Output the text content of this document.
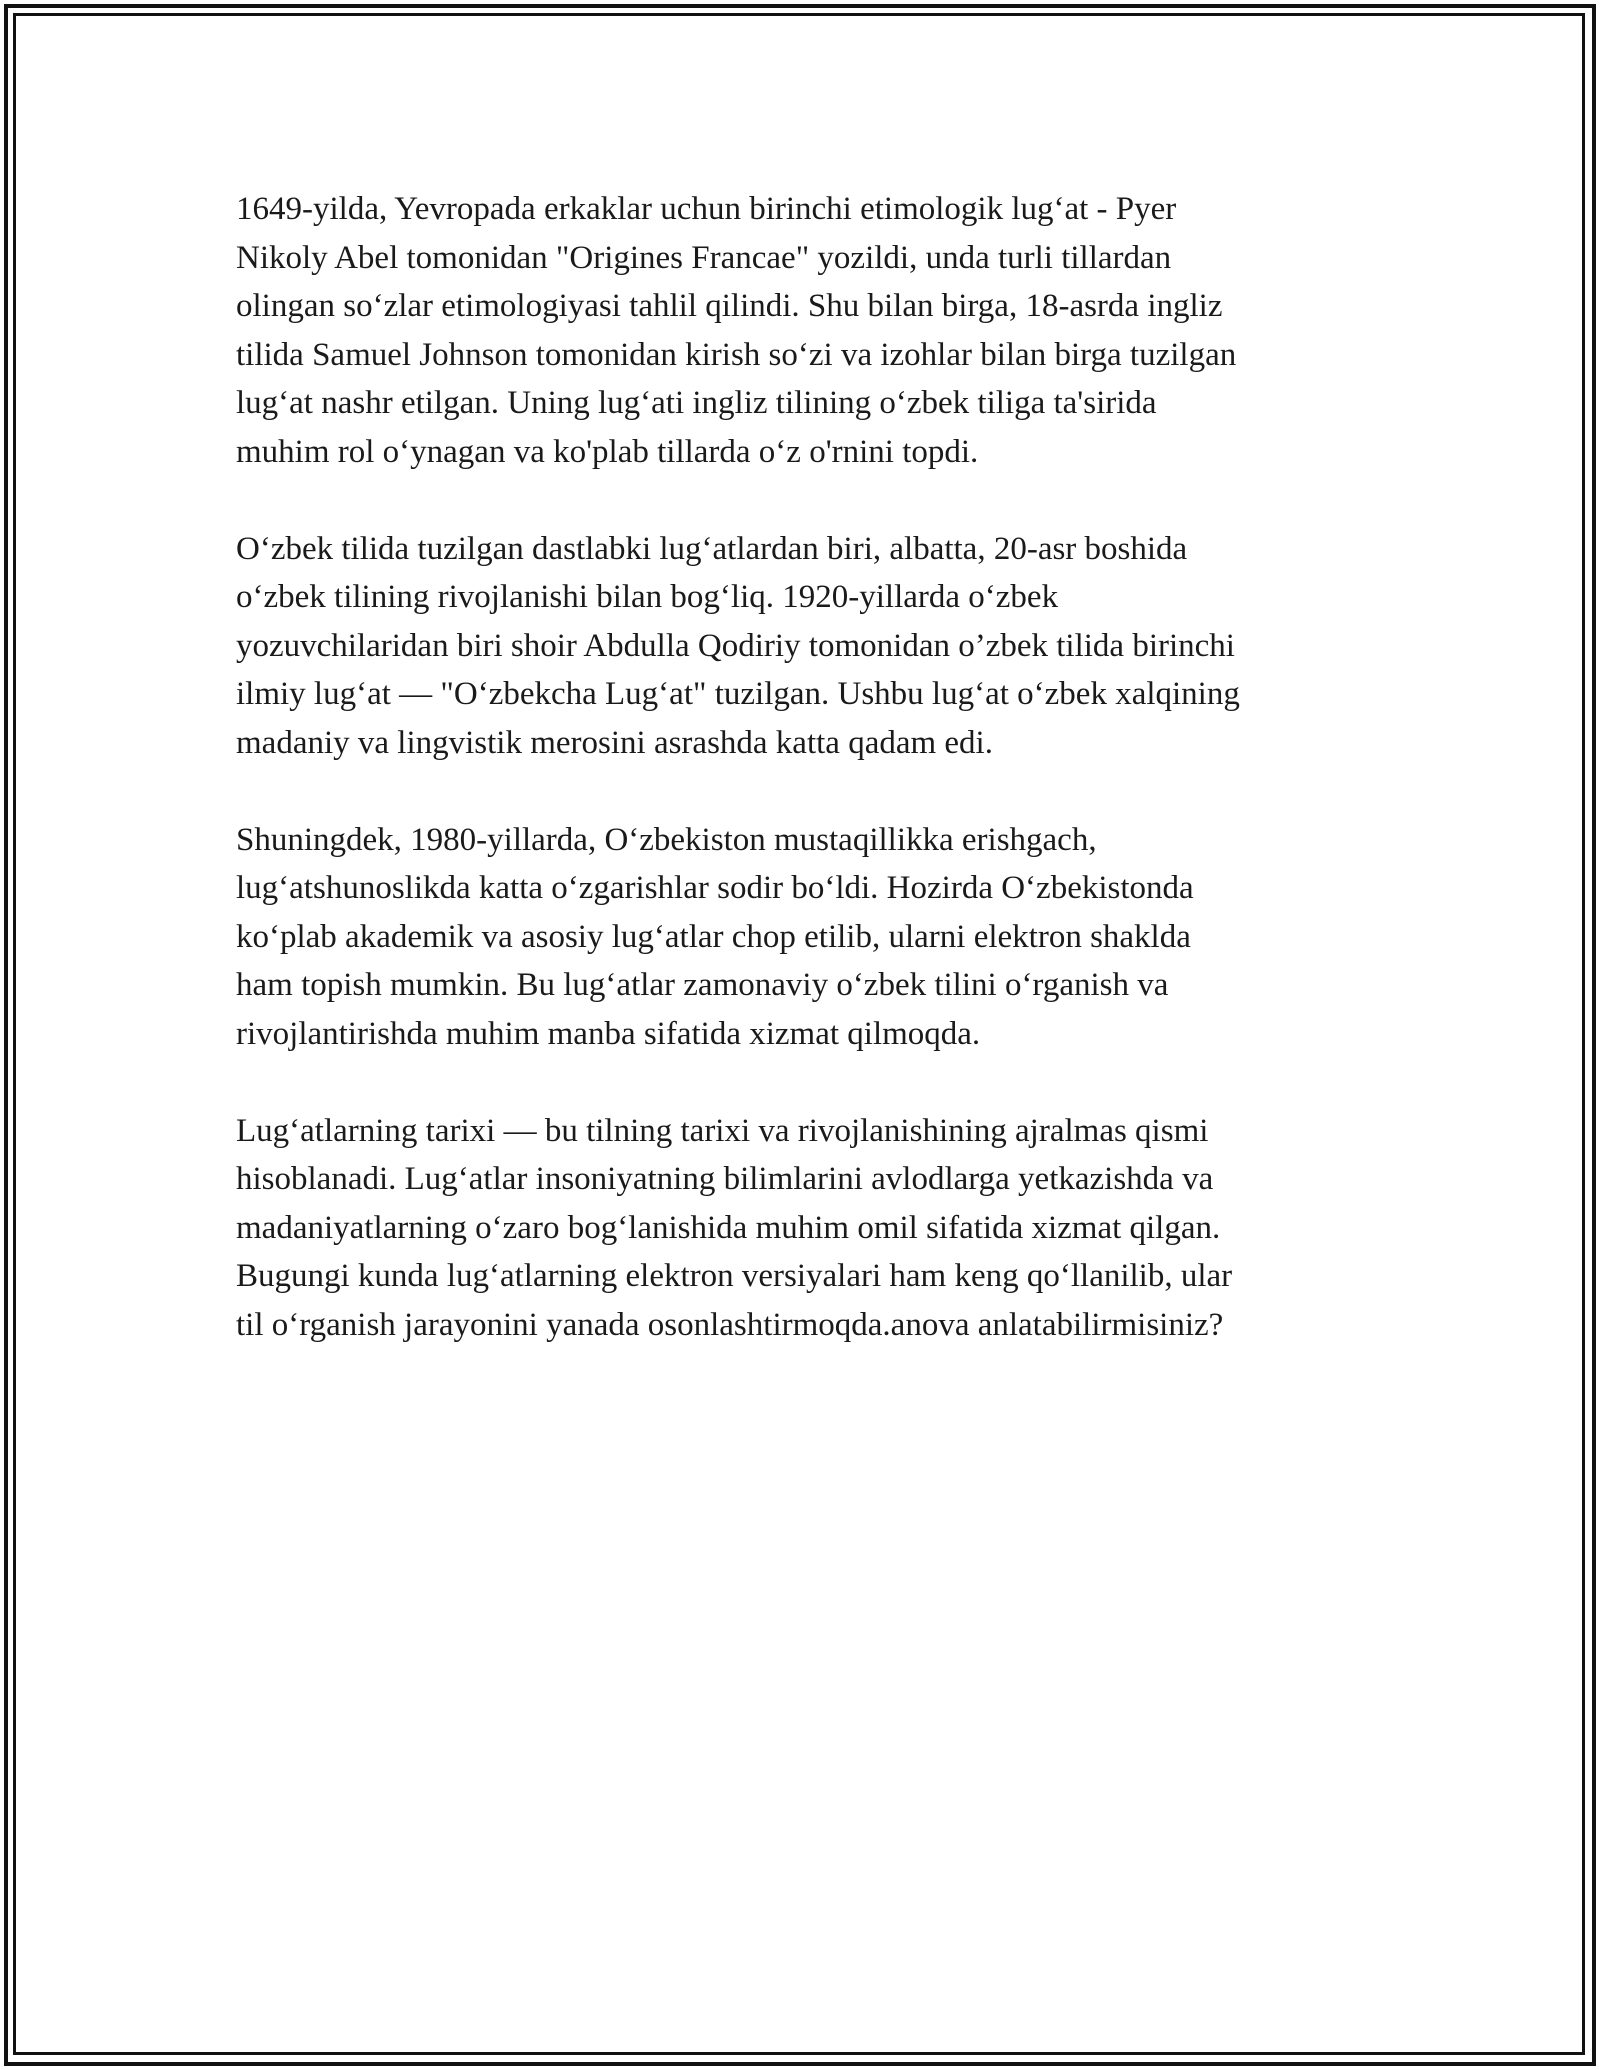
1649-yilda, Yevropada erkaklar uchun birinchi etimologik lug‘at - Pyer
Nikoly Abel tomonidan "Origines Francae" yozildi, unda turli tillardan
olingan so‘zlar etimologiyasi tahlil qilindi. Shu bilan birga, 18-asrda ingliz
tilida Samuel Johnson tomonidan kirish so‘zi va izohlar bilan birga tuzilgan
lug‘at nashr etilgan. Uning lug‘ati ingliz tilining o‘zbek tiliga ta'sirida
muhim rol o‘ynagan va ko'plab tillarda o‘z o'rnini topdi.

O‘zbek tilida tuzilgan dastlabki lug‘atlardan biri, albatta, 20-asr boshida
o‘zbek tilining rivojlanishi bilan bog‘liq. 1920-yillarda o‘zbek
yozuvchilaridan biri shoir Abdulla Qodiriy tomonidan o’zbek tilida birinchi
ilmiy lug‘at — "O‘zbekcha Lug‘at" tuzilgan. Ushbu lug‘at o‘zbek xalqining
madaniy va lingvistik merosini asrashda katta qadam edi.

Shuningdek, 1980-yillarda, O‘zbekiston mustaqillikka erishgach,
lug‘atshunoslikda katta o‘zgarishlar sodir bo‘ldi. Hozirda O‘zbekistonda
ko‘plab akademik va asosiy lug‘atlar chop etilib, ularni elektron shaklda
ham topish mumkin. Bu lug‘atlar zamonaviy o‘zbek tilini o‘rganish va
rivojlantirishda muhim manba sifatida xizmat qilmoqda.

Lug‘atlarning tarixi — bu tilning tarixi va rivojlanishining ajralmas qismi
hisoblanadi. Lug‘atlar insoniyatning bilimlarini avlodlarga yetkazishda va
madaniyatlarning o‘zaro bog‘lanishida muhim omil sifatida xizmat qilgan.
Bugungi kunda lug‘atlarning elektron versiyalari ham keng qo‘llanilib, ular
til o‘rganish jarayonini yanada osonlashtirmoqda.anova anlatabilirmisiniz?
